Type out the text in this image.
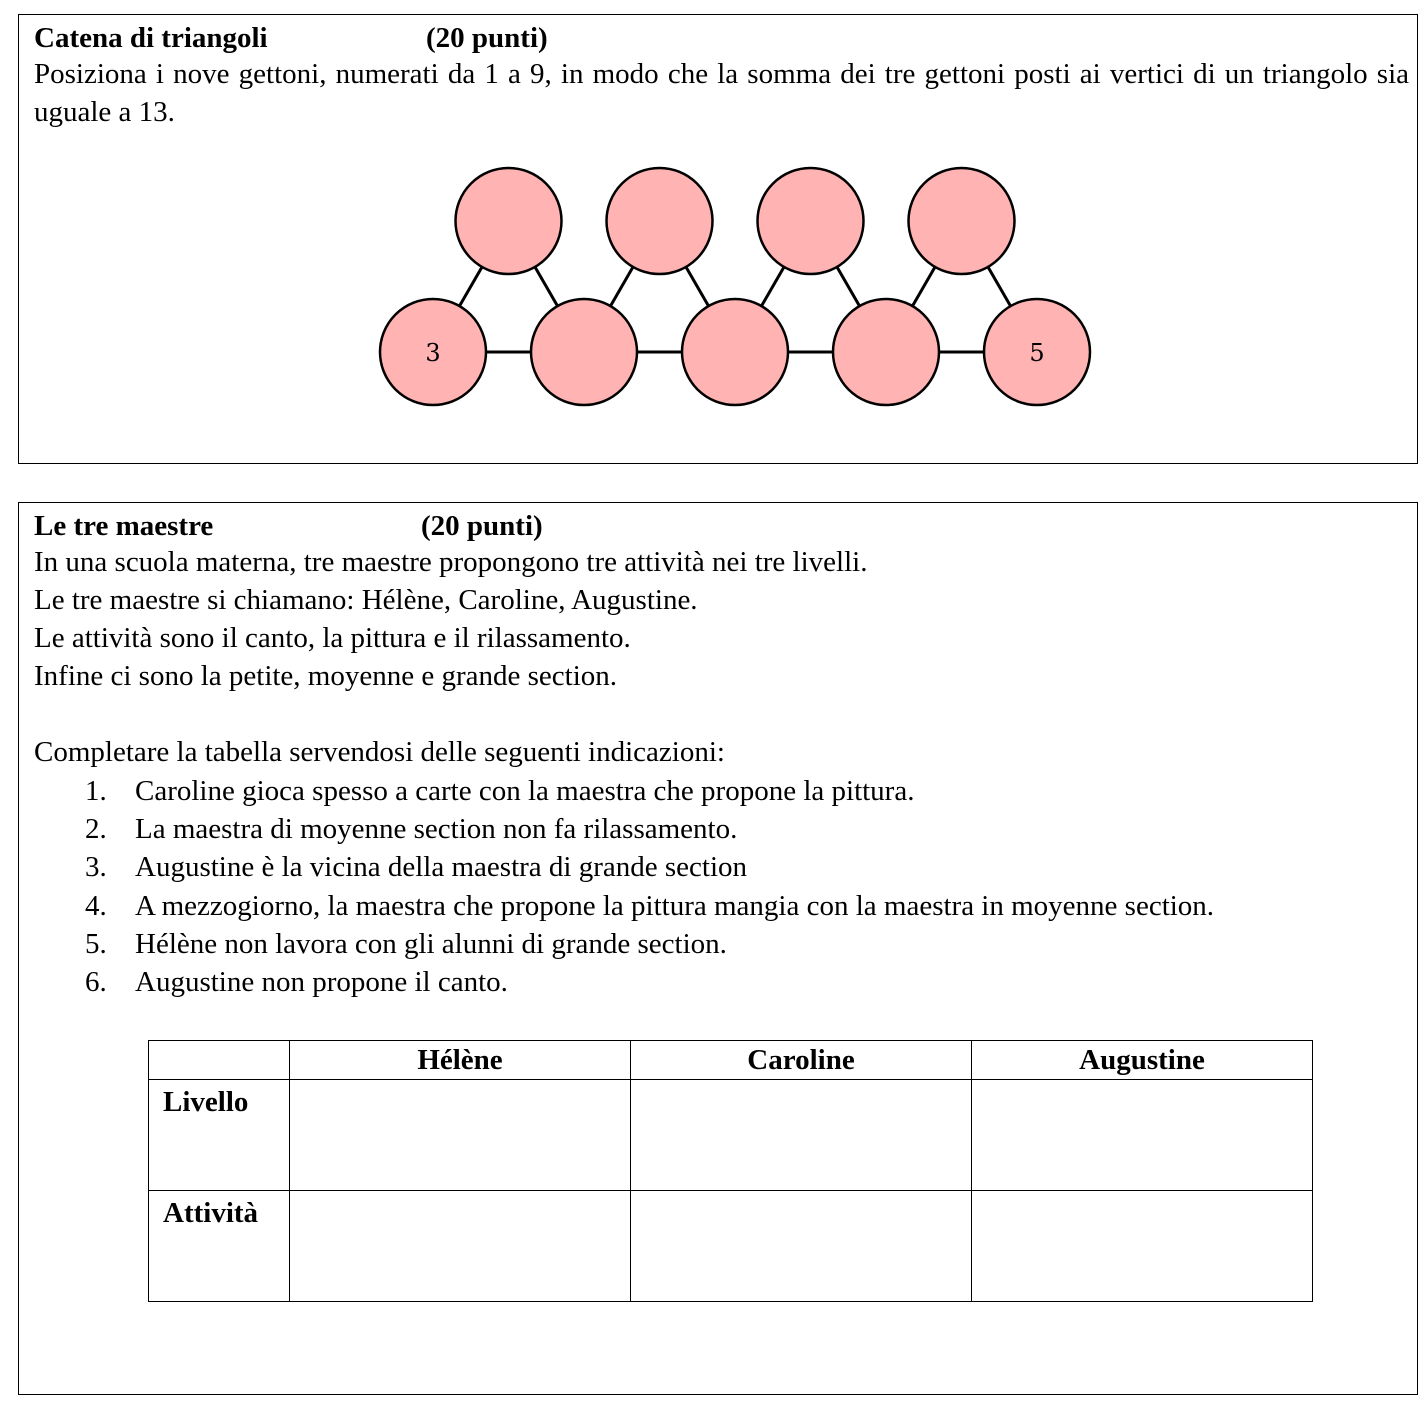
Catena di triangoli	(20 punti)
Posiziona i nove gettoni, numerati da 1 a 9, in modo che la somma dei tre gettoni posti ai vertici di un triangolo sia uguale a 13.
3	5
Le tre maestre	(20 punti)
In una scuola materna, tre maestre propongono tre attività nei tre livelli.
Le tre maestre si chiamano: Hélène, Caroline, Augustine.
Le attività sono il canto, la pittura e il rilassamento.
Infine ci sono la petite, moyenne e grande section.
Completare la tabella servendosi delle seguenti indicazioni:
1. Caroline gioca spesso a carte con la maestra che propone la pittura.
2. La maestra di moyenne section non fa rilassamento.
3. Augustine è la vicina della maestra di grande section
4. A mezzogiorno, la maestra che propone la pittura mangia con la maestra in moyenne section.
5. Hélène non lavora con gli alunni di grande section.
6. Augustine non propone il canto.
	Hélène	Caroline	Augustine
Livello			
Attività			
